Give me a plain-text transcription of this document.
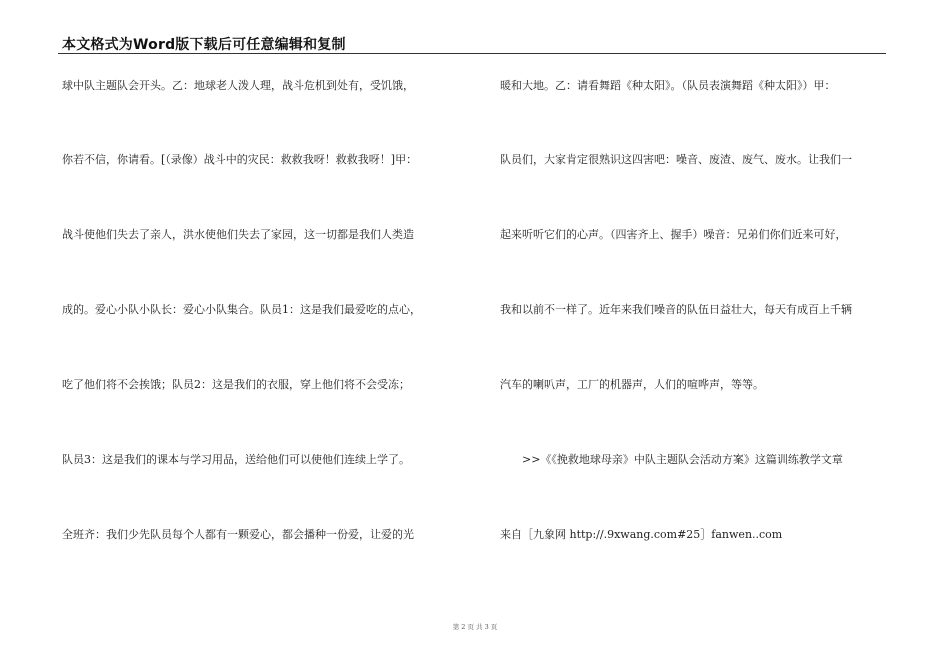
本文格式为Word版下载后可任意编辑和复制
球中队主题队会开头。乙：地球老人泼人理，战斗危机到处有，受饥饿，
你若不信，你请看。[（录像）战斗中的灾民：救救我呀！救救我呀！]甲：
战斗使他们失去了亲人，洪水使他们失去了家园，这一切都是我们人类造
成的。爱心小队小队长：爱心小队集合。队员1：这是我们最爱吃的点心，
吃了他们将不会挨饿；队员2：这是我们的衣服，穿上他们将不会受冻；
队员3：这是我们的课本与学习用品，送给他们可以使他们连续上学了。
全班齐：我们少先队员每个人都有一颗爱心，都会播种一份爱，让爱的光
暖和大地。乙：请看舞蹈《种太阳》。（队员表演舞蹈《种太阳》）甲：
队员们，大家肯定很熟识这四害吧：噪音、废渣、废气、废水。让我们一
起来听听它们的心声。（四害齐上、握手）噪音：兄弟们你们近来可好，
我和以前不一样了。近年来我们噪音的队伍日益壮大，每天有成百上千辆
汽车的喇叭声，工厂的机器声，人们的喧哗声，等等。
>>《《挽救地球母亲》中队主题队会活动方案》这篇训练教学文章
来自［九象网 http://.9xwang.com#25］fanwen..com
第 2 页 共 3 页
